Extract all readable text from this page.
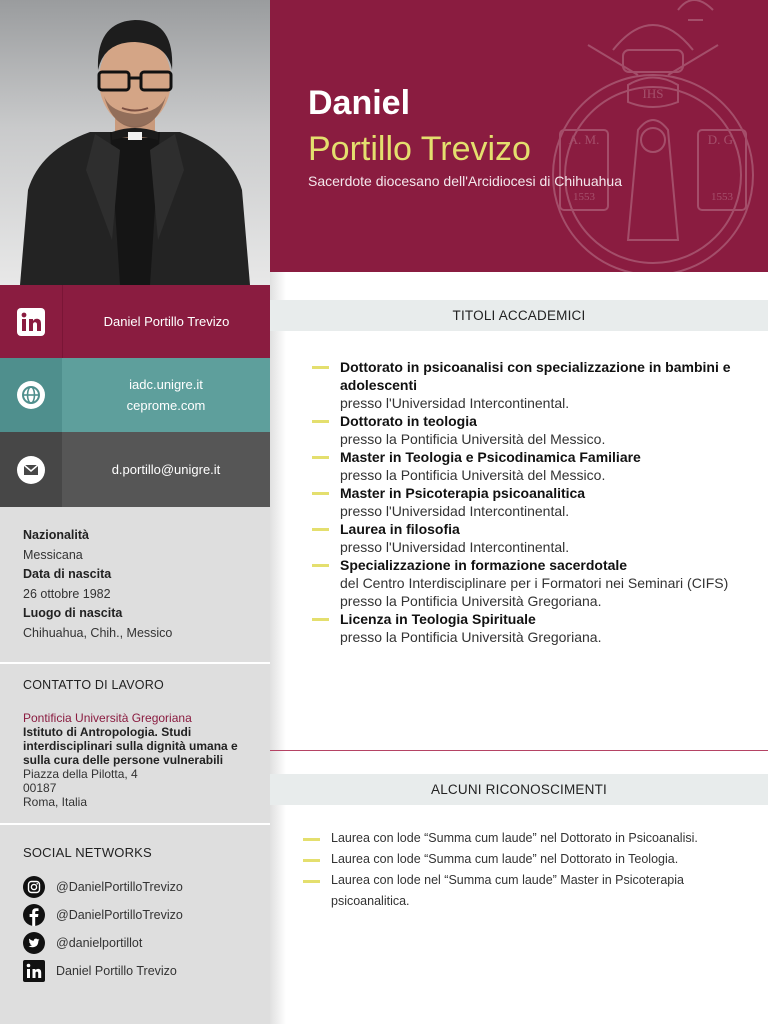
Daniel Portillo Trevizo
iadc.unigre.it
ceprome.com
d.portillo@unigre.it
Nazionalità
Messicana
Data di nascita
26 ottobre 1982
Luogo di nascita
Chihuahua, Chih., Messico
CONTATTO DI LAVORO
Pontificia Università Gregoriana
Istituto di Antropologia. Studi
interdisciplinari sulla dignità umana e
sulla cura delle persone vulnerabili
Piazza della Pilotta, 4
00187
Roma, Italia
SOCIAL NETWORKS
@DanielPortilloTrevizo
@DanielPortilloTrevizo
@danielportillot
Daniel Portillo Trevizo
A. M.	D. G.
IHS
1553	1553
Daniel
Portillo Trevizo
Sacerdote diocesano dell'Arcidiocesi di Chihuahua
TITOLI ACCADEMICI
Dottorato in psicoanalisi con specializzazione in bambini e adolescenti
presso l'Universidad Intercontinental.
Dottorato in teologia
presso la Pontificia Università del Messico.
Master in Teologia e Psicodinamica Familiare
presso la Pontificia Università del Messico.
Master in Psicoterapia psicoanalitica
presso l'Universidad Intercontinental.
Laurea in filosofia
presso l'Universidad Intercontinental.
Specializzazione in formazione sacerdotale
del Centro Interdisciplinare per i Formatori nei Seminari (CIFS) presso la Pontificia Università Gregoriana.
Licenza in Teologia Spirituale
presso la Pontificia Università Gregoriana.
ALCUNI RICONOSCIMENTI
Laurea con lode “Summa cum laude” nel Dottorato in Psicoanalisi.
Laurea con lode “Summa cum laude” nel Dottorato in Teologia.
Laurea con lode nel “Summa cum laude” Master in Psicoterapia psicoanalitica.
